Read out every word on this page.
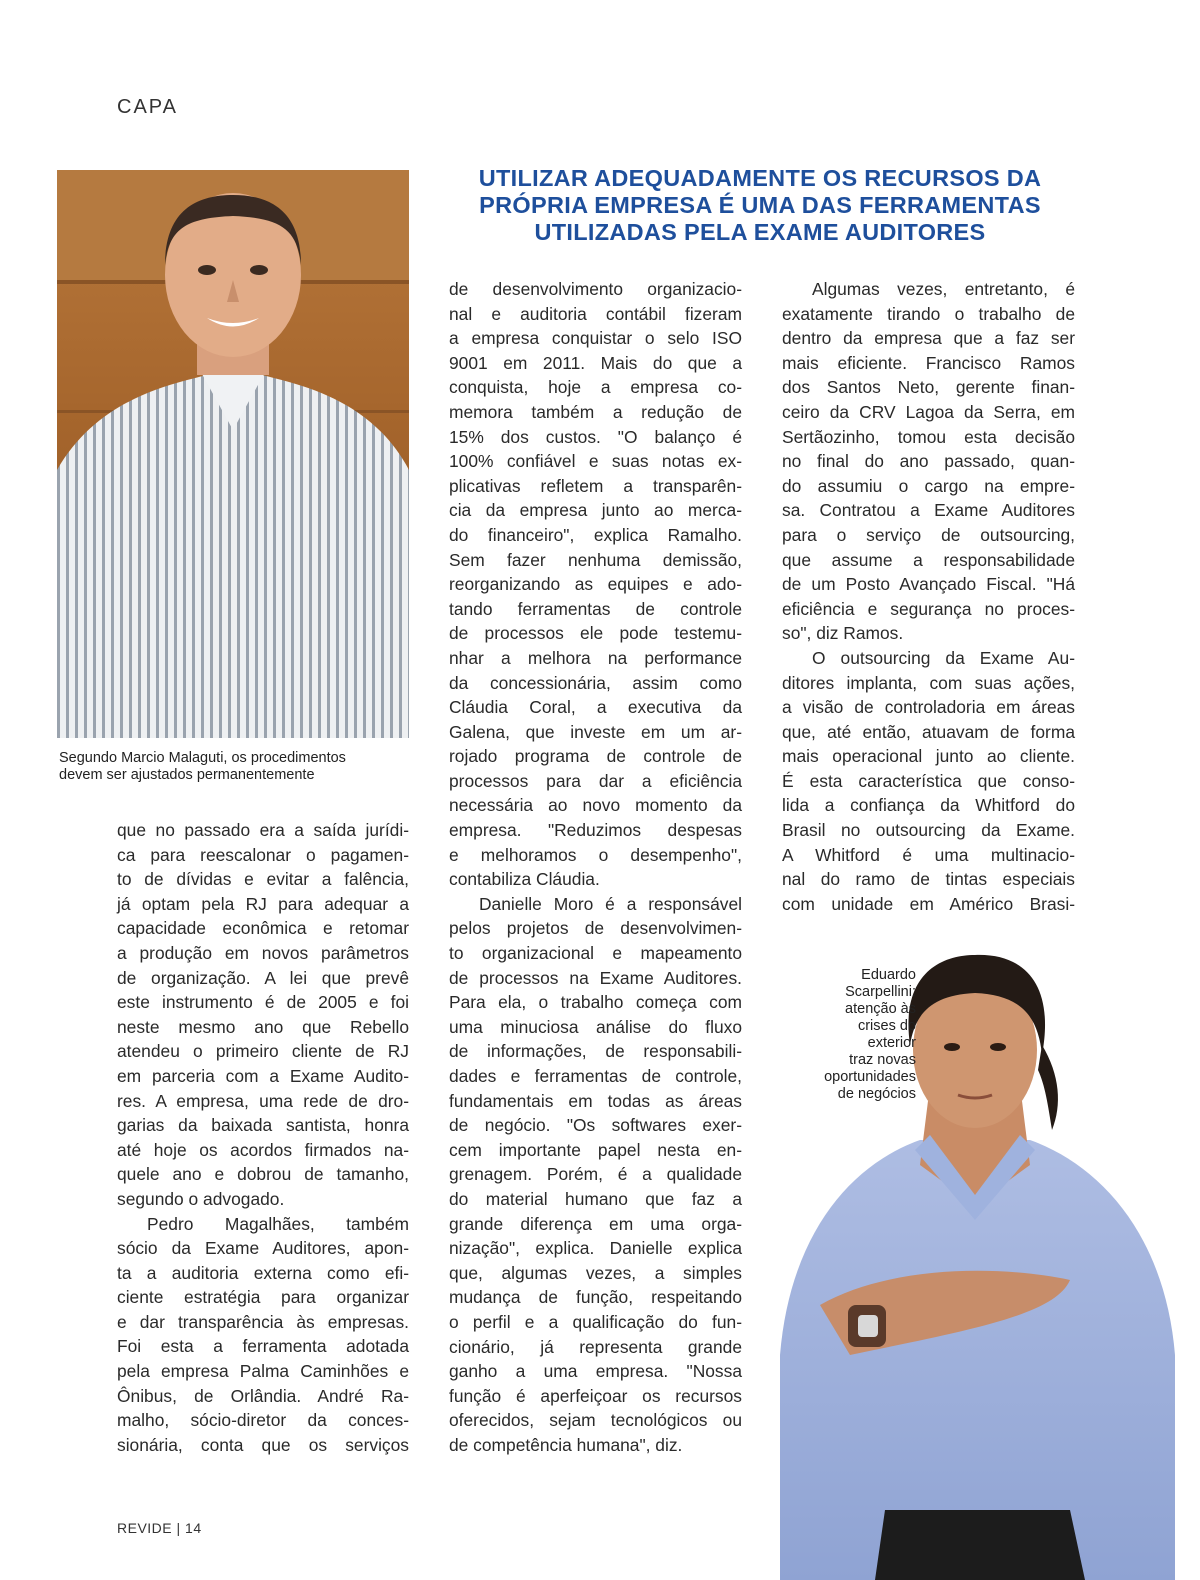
CAPA
UTILIZAR ADEQUADAMENTE OS RECURSOS DA
PRÓPRIA EMPRESA É UMA DAS FERRAMENTAS
UTILIZADAS PELA EXAME AUDITORES
Segundo Marcio Malaguti, os procedimentos
devem ser ajustados permanentemente
que no passado era a saída jurídi-
ca para reescalonar o pagamen-
to de dívidas e evitar a falência,
já optam pela RJ para adequar a
capacidade econômica e retomar
a produção em novos parâmetros
de organização. A lei que prevê
este instrumento é de 2005 e foi
neste mesmo ano que Rebello
atendeu o primeiro cliente de RJ
em parceria com a Exame Audito-
res. A empresa, uma rede de dro-
garias da baixada santista, honra
até hoje os acordos firmados na-
quele ano e dobrou de tamanho,
segundo o advogado.
Pedro Magalhães, também
sócio da Exame Auditores, apon-
ta a auditoria externa como efi-
ciente estratégia para organizar
e dar transparência às empresas.
Foi esta a ferramenta adotada
pela empresa Palma Caminhões e
Ônibus, de Orlândia. André Ra-
malho, sócio-diretor da conces-
sionária, conta que os serviços
de desenvolvimento organizacio-
nal e auditoria contábil fizeram
a empresa conquistar o selo ISO
9001 em 2011. Mais do que a
conquista, hoje a empresa co-
memora também a redução de
15% dos custos. "O balanço é
100% confiável e suas notas ex-
plicativas refletem a transparên-
cia da empresa junto ao merca-
do financeiro", explica Ramalho.
Sem fazer nenhuma demissão,
reorganizando as equipes e ado-
tando ferramentas de controle
de processos ele pode testemu-
nhar a melhora na performance
da concessionária, assim como
Cláudia Coral, a executiva da
Galena, que investe em um ar-
rojado programa de controle de
processos para dar a eficiência
necessária ao novo momento da
empresa. "Reduzimos despesas
e melhoramos o desempenho",
contabiliza Cláudia.
Danielle Moro é a responsável
pelos projetos de desenvolvimen-
to organizacional e mapeamento
de processos na Exame Auditores.
Para ela, o trabalho começa com
uma minuciosa análise do fluxo
de informações, de responsabili-
dades e ferramentas de controle,
fundamentais em todas as áreas
de negócio. "Os softwares exer-
cem importante papel nesta en-
grenagem. Porém, é a qualidade
do material humano que faz a
grande diferença em uma orga-
nização", explica. Danielle explica
que, algumas vezes, a simples
mudança de função, respeitando
o perfil e a qualificação do fun-
cionário, já representa grande
ganho a uma empresa. "Nossa
função é aperfeiçoar os recursos
oferecidos, sejam tecnológicos ou
de competência humana", diz.
Algumas vezes, entretanto, é
exatamente tirando o trabalho de
dentro da empresa que a faz ser
mais eficiente. Francisco Ramos
dos Santos Neto, gerente finan-
ceiro da CRV Lagoa da Serra, em
Sertãozinho, tomou esta decisão
no final do ano passado, quan-
do assumiu o cargo na empre-
sa. Contratou a Exame Auditores
para o serviço de outsourcing,
que assume a responsabilidade
de um Posto Avançado Fiscal. "Há
eficiência e segurança no proces-
so", diz Ramos.
O outsourcing da Exame Au-
ditores implanta, com suas ações,
a visão de controladoria em áreas
que, até então, atuavam de forma
mais operacional junto ao cliente.
É esta característica que conso-
lida a confiança da Whitford do
Brasil no outsourcing da Exame.
A Whitford é uma multinacio-
nal do ramo de tintas especiais
com unidade em Américo Brasi-
Eduardo
Scarpellini:
atenção às
crises do
exterior
traz novas
oportunidades
de negócios
REVIDE | 14
